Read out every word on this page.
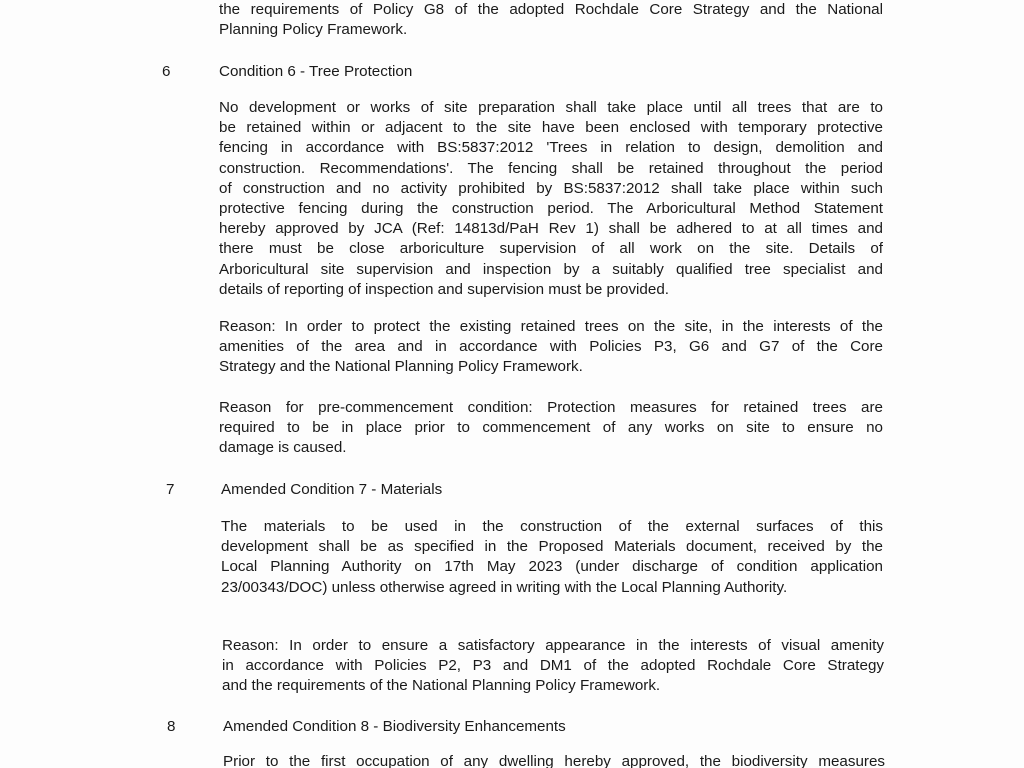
the requirements of Policy G8 of the adopted Rochdale Core Strategy and the National
Planning Policy Framework.
6	Condition 6 - Tree Protection
No development or works of site preparation shall take place until all trees that are to
be retained within or adjacent to the site have been enclosed with temporary protective
fencing in accordance with BS:5837:2012 'Trees in relation to design, demolition and
construction. Recommendations'. The fencing shall be retained throughout the period
of construction and no activity prohibited by BS:5837:2012 shall take place within such
protective fencing during the construction period. The Arboricultural Method Statement
hereby approved by JCA (Ref: 14813d/PaH Rev 1) shall be adhered to at all times and
there must be close arboriculture supervision of all work on the site. Details of
Arboricultural site supervision and inspection by a suitably qualified tree specialist and
details of reporting of inspection and supervision must be provided.
Reason: In order to protect the existing retained trees on the site, in the interests of the
amenities of the area and in accordance with Policies P3, G6 and G7 of the Core
Strategy and the National Planning Policy Framework.
Reason for pre-commencement condition: Protection measures for retained trees are
required to be in place prior to commencement of any works on site to ensure no
damage is caused.
7	Amended Condition 7 - Materials
The materials to be used in the construction of the external surfaces of this
development shall be as specified in the Proposed Materials document, received by the
Local Planning Authority on 17th May 2023 (under discharge of condition application
23/00343/DOC) unless otherwise agreed in writing with the Local Planning Authority.
Reason: In order to ensure a satisfactory appearance in the interests of visual amenity
in accordance with Policies P2, P3 and DM1 of the adopted Rochdale Core Strategy
and the requirements of the National Planning Policy Framework.
8	Amended Condition 8 - Biodiversity Enhancements
Prior to the first occupation of any dwelling hereby approved, the biodiversity measures
